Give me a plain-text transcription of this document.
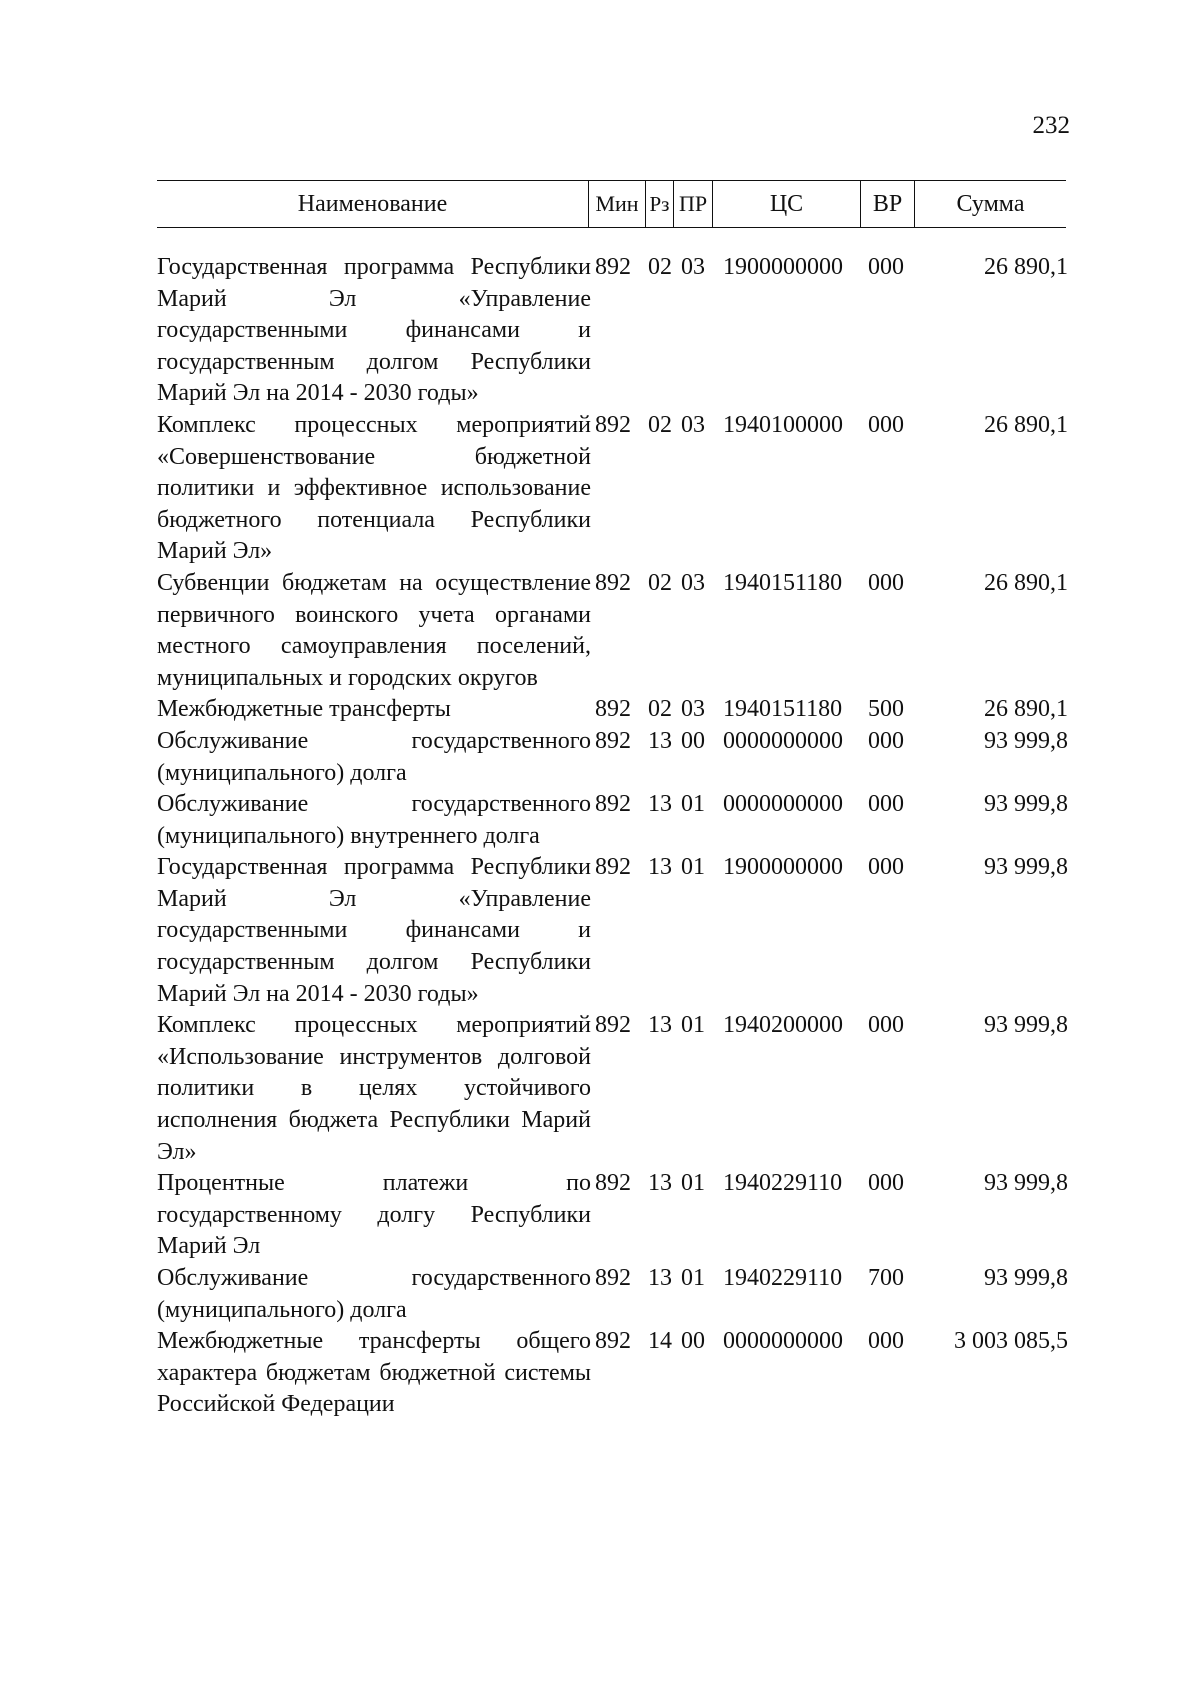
232
Наименование	Мин Рз ПР	ЦС	ВР	Сумма
Государственная программа Республики Марий Эл «Управление государственными финансами и государственным долгом Республики Марий Эл на 2014 - 2030 годы»
892 02 03 1900000000	000	26 890,1
Комплекс процессных мероприятий «Совершенствование бюджетной политики и эффективное использование бюджетного потенциала Республики Марий Эл»
892 02 03 1940100000	000	26 890,1
Субвенции бюджетам на осуществление первичного воинского учета органами местного самоуправления поселений, муниципальных и городских округов
892 02 03 1940151180	000	26 890,1
Межбюджетные трансферты	892 02 03 1940151180	500	26 890,1
Обслуживание государственного (муниципального) долга
892 13 00 0000000000	000	93 999,8
Обслуживание государственного (муниципального) внутреннего долга
892 13 01 0000000000	000	93 999,8
Государственная программа Республики Марий Эл «Управление государственными финансами и государственным долгом Республики Марий Эл на 2014 - 2030 годы»
892 13 01 1900000000	000	93 999,8
Комплекс процессных мероприятий «Использование инструментов долговой политики в целях устойчивого исполнения бюджета Республики Марий Эл»
892 13 01 1940200000	000	93 999,8
Процентные платежи по государственному долгу Республики Марий Эл
892 13 01 1940229110	000	93 999,8
Обслуживание государственного (муниципального) долга
892 13 01 1940229110	700	93 999,8
Межбюджетные трансферты общего характера бюджетам бюджетной системы Российской Федерации
892 14 00 0000000000	000	3 003 085,5
